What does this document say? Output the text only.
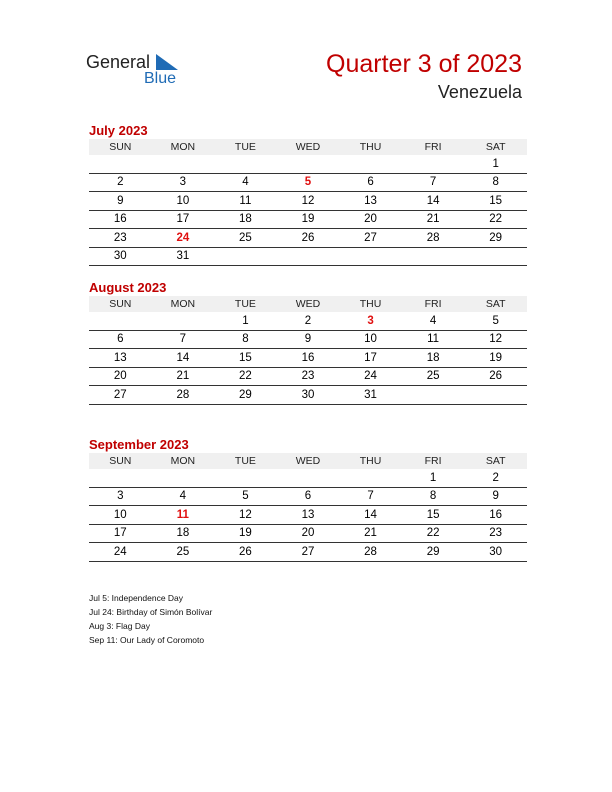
General
Blue
Quarter 3 of 2023
Venezuela
July 2023
SUN	MON	TUE	WED	THU	FRI	SAT
						1
2	3	4	5	6	7	8
9	10	11	12	13	14	15
16	17	18	19	20	21	22
23	24	25	26	27	28	29
30	31					
August 2023
SUN	MON	TUE	WED	THU	FRI	SAT
		1	2	3	4	5
6	7	8	9	10	11	12
13	14	15	16	17	18	19
20	21	22	23	24	25	26
27	28	29	30	31		
September 2023
SUN	MON	TUE	WED	THU	FRI	SAT
					1	2
3	4	5	6	7	8	9
10	11	12	13	14	15	16
17	18	19	20	21	22	23
24	25	26	27	28	29	30
Jul 5: Independence Day
Jul 24: Birthday of Simón Bolívar
Aug 3: Flag Day
Sep 11: Our Lady of Coromoto
